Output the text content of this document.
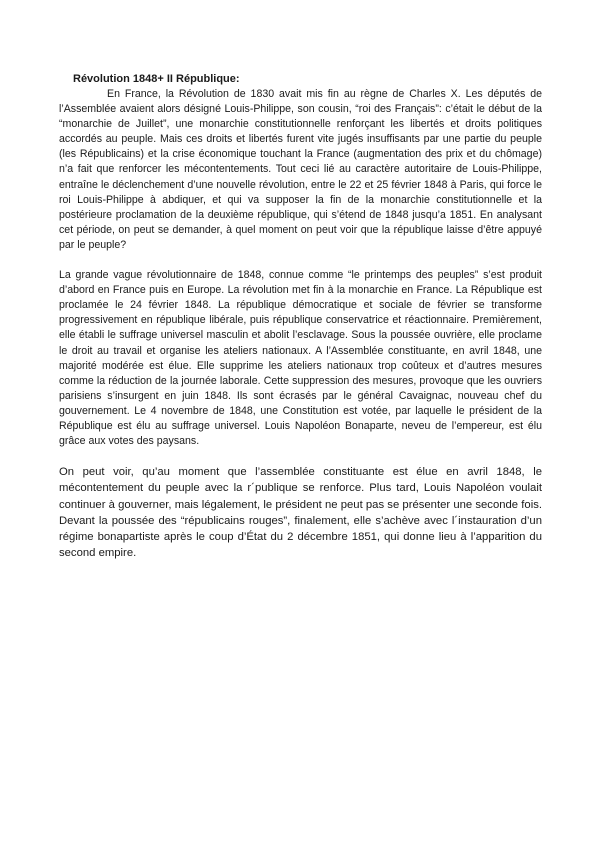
Révolution 1848+ II République:

En France, la Révolution de 1830 avait mis fin au règne de Charles X. Les députés de l’Assemblée avaient alors désigné Louis-Philippe, son cousin, “roi des Français”: c’était le début de la “monarchie de Juillet”, une monarchie constitutionnelle renforçant les libertés et droits politiques accordés au peuple. Mais ces droits et libertés furent vite jugés insuffisants par une partie du peuple (les Républicains) et la crise économique touchant la France (augmentation des prix et du chômage) n’a fait que renforcer les mécontentements. Tout ceci lié au caractère autoritaire de Louis-Philippe, entraîne le déclenchement d’une nouvelle révolution, entre le 22 et 25 février 1848 à Paris, qui force le roi Louis-Philippe à abdiquer, et qui va supposer la fin de la monarchie constitutionnelle et la postérieure proclamation de la deuxième république, qui s’étend de 1848 jusqu’a 1851. En analysant cet période, on peut se demander, à quel moment on peut voir que la république laisse d’être appuyé par le peuple?

La grande vague révolutionnaire de 1848, connue comme “le printemps des peuples” s’est produit d’abord en France puis en Europe. La révolution met fin à la monarchie en France. La République est proclamée le 24 février 1848. La république démocratique et sociale de février se transforme progressivement en république libérale, puis république conservatrice et réactionnaire. Premièrement, elle établi le suffrage universel masculin et abolit l’esclavage. Sous la poussée ouvrière, elle proclame le droit au travail et organise les ateliers nationaux. A l’Assemblée constituante, en avril 1848, une majorité modérée est élue. Elle supprime les ateliers nationaux trop coûteux et d’autres mesures comme la réduction de la journée laborale. Cette suppression des mesures, provoque que les ouvriers parisiens s’insurgent en juin 1848. Ils sont écrasés par le général Cavaignac, nouveau chef du gouvernement. Le 4 novembre de 1848, une Constitution est votée, par laquelle le président de la République est élu au suffrage universel. Louis Napoléon Bonaparte, neveu de l’empereur, est élu grâce aux votes des paysans.

On peut voir, qu’au moment que l’assemblée constituante est élue en avril 1848, le mécontentement du peuple avec la r´publique se renforce. Plus tard, Louis Napoléon voulait continuer à gouverner, mais légalement, le président ne peut pas se présenter une seconde fois. Devant la poussée des “républicains rouges”, finalement, elle s’achève avec l´instauration d’un régime bonapartiste après le coup d’État du 2 décembre 1851, qui donne lieu à l’apparition du second empire.
